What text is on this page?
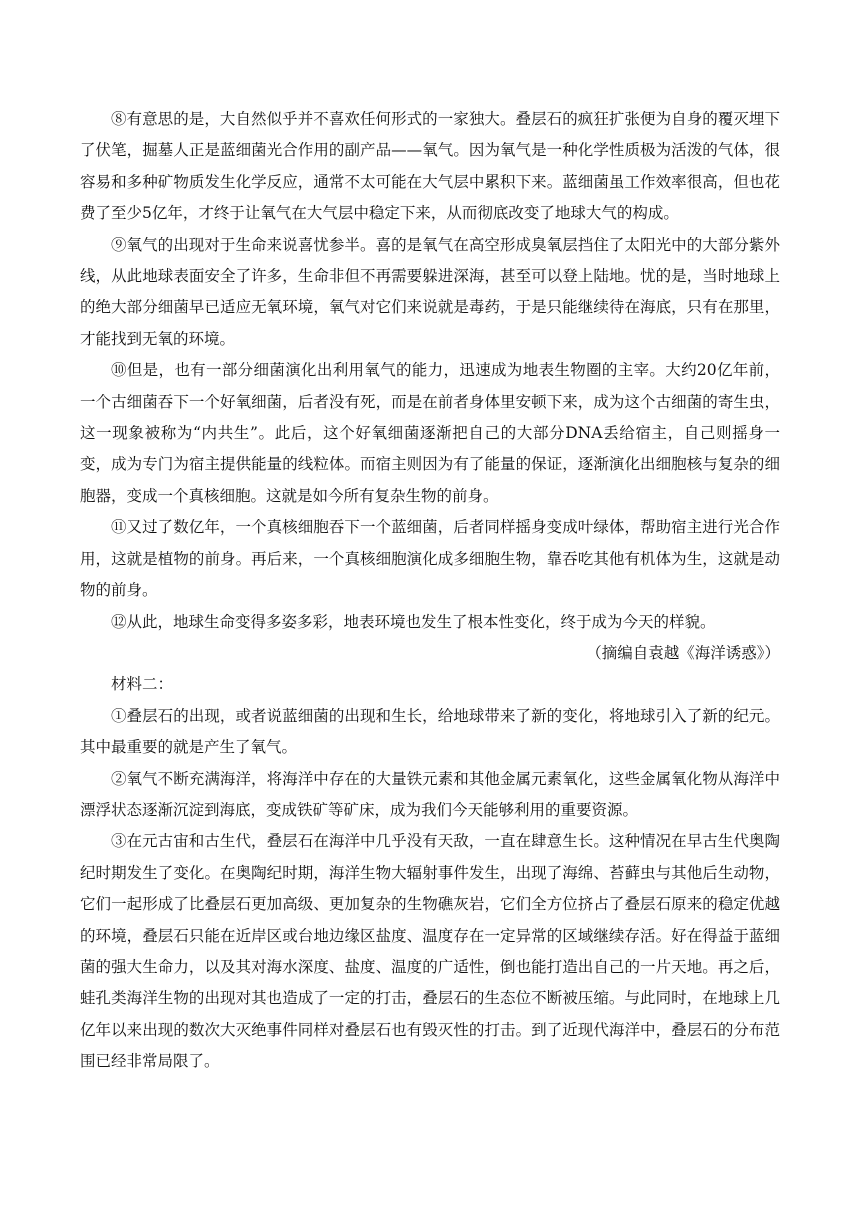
⑧有意思的是，大自然似乎并不喜欢任何形式的一家独大。叠层石的疯狂扩张便为自身的覆灭埋下了伏笔，掘墓人正是蓝细菌光合作用的副产品——氧气。因为氧气是一种化学性质极为活泼的气体，很容易和多种矿物质发生化学反应，通常不太可能在大气层中累积下来。蓝细菌虽工作效率很高，但也花费了至少5亿年，才终于让氧气在大气层中稳定下来，从而彻底改变了地球大气的构成。

⑨氧气的出现对于生命来说喜忧参半。喜的是氧气在高空形成臭氧层挡住了太阳光中的大部分紫外线，从此地球表面安全了许多，生命非但不再需要躲进深海，甚至可以登上陆地。忧的是，当时地球上的绝大部分细菌早已适应无氧环境，氧气对它们来说就是毒药，于是只能继续待在海底，只有在那里，才能找到无氧的环境。

⑩但是，也有一部分细菌演化出利用氧气的能力，迅速成为地表生物圈的主宰。大约20亿年前，一个古细菌吞下一个好氧细菌，后者没有死，而是在前者身体里安顿下来，成为这个古细菌的寄生虫，这一现象被称为“内共生”。此后，这个好氧细菌逐渐把自己的大部分DNA丢给宿主，自己则摇身一变，成为专门为宿主提供能量的线粒体。而宿主则因为有了能量的保证，逐渐演化出细胞核与复杂的细胞器，变成一个真核细胞。这就是如今所有复杂生物的前身。

⑪又过了数亿年，一个真核细胞吞下一个蓝细菌，后者同样摇身变成叶绿体，帮助宿主进行光合作用，这就是植物的前身。再后来，一个真核细胞演化成多细胞生物，靠吞吃其他有机体为生，这就是动物的前身。

⑫从此，地球生命变得多姿多彩，地表环境也发生了根本性变化，终于成为今天的样貌。

（摘编自袁越《海洋诱惑》）

材料二：

①叠层石的出现，或者说蓝细菌的出现和生长，给地球带来了新的变化，将地球引入了新的纪元。其中最重要的就是产生了氧气。

②氧气不断充满海洋，将海洋中存在的大量铁元素和其他金属元素氧化，这些金属氧化物从海洋中漂浮状态逐渐沉淀到海底，变成铁矿等矿床，成为我们今天能够利用的重要资源。

③在元古宙和古生代，叠层石在海洋中几乎没有天敌，一直在肆意生长。这种情况在早古生代奥陶纪时期发生了变化。在奥陶纪时期，海洋生物大辐射事件发生，出现了海绵、苔藓虫与其他后生动物，它们一起形成了比叠层石更加高级、更加复杂的生物礁灰岩，它们全方位挤占了叠层石原来的稳定优越的环境，叠层石只能在近岸区或台地边缘区盐度、温度存在一定异常的区域继续存活。好在得益于蓝细菌的强大生命力，以及其对海水深度、盐度、温度的广适性，倒也能打造出自己的一片天地。再之后，蛙孔类海洋生物的出现对其也造成了一定的打击，叠层石的生态位不断被压缩。与此同时，在地球上几亿年以来出现的数次大灭绝事件同样对叠层石也有毁灭性的打击。到了近现代海洋中，叠层石的分布范围已经非常局限了。
